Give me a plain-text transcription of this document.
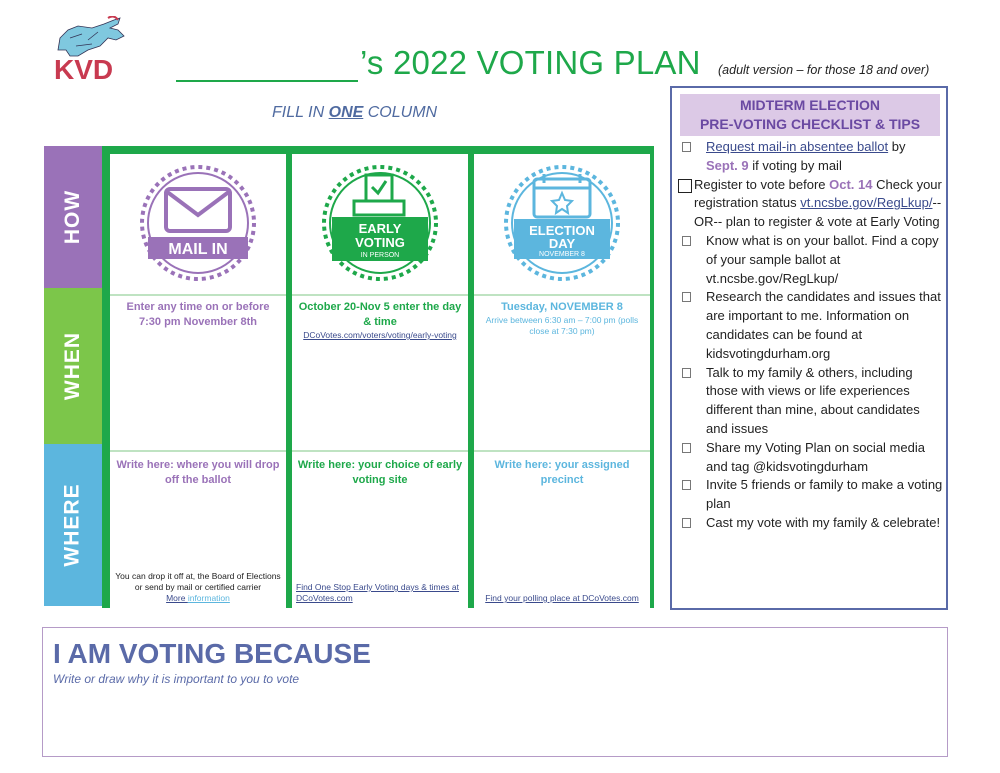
KVD	’s 2022 VOTING PLAN (adult version – for those 18 and over)
FILL IN ONE COLUMN
HOW
WHEN
WHERE
MAIL IN
Enter any time on or before 7:30 pm November 8th
Write here: where you will drop off the ballot
You can drop it off at, the Board of Elections or send by mail or certified carrier
More information
EARLY
VOTING
IN PERSON
October 20-Nov 5 enter the day & time
DCoVotes.com/voters/voting/early-voting
Write here: your choice of early voting site
Find One Stop Early Voting days & times at DCoVotes.com
ELECTION
DAY
NOVEMBER 8
Tuesday, NOVEMBER 8
Arrive between 6:30 am – 7:00 pm (polls close at 7:30 pm)
Write here: your assigned precinct
Find your polling place at DCoVotes.com
MIDTERM ELECTION
PRE-VOTING CHECKLIST & TIPS
Request mail-in absentee ballot by
Sept. 9 if voting by mail
Register to vote before Oct. 14 Check your registration status vt.ncsbe.gov/RegLkup/--OR-- plan to register & vote at Early Voting
Know what is on your ballot. Find a copy of your sample ballot at vt.ncsbe.gov/RegLkup/
Research the candidates and issues that are important to me. Information on candidates can be found at kidsvotingdurham.org
Talk to my family & others, including those with views or life experiences different than mine, about candidates and issues
Share my Voting Plan on social media and tag @kidsvotingdurham
Invite 5 friends or family to make a voting plan
Cast my vote with my family & celebrate!
I AM VOTING BECAUSE
Write or draw why it is important to you to vote
